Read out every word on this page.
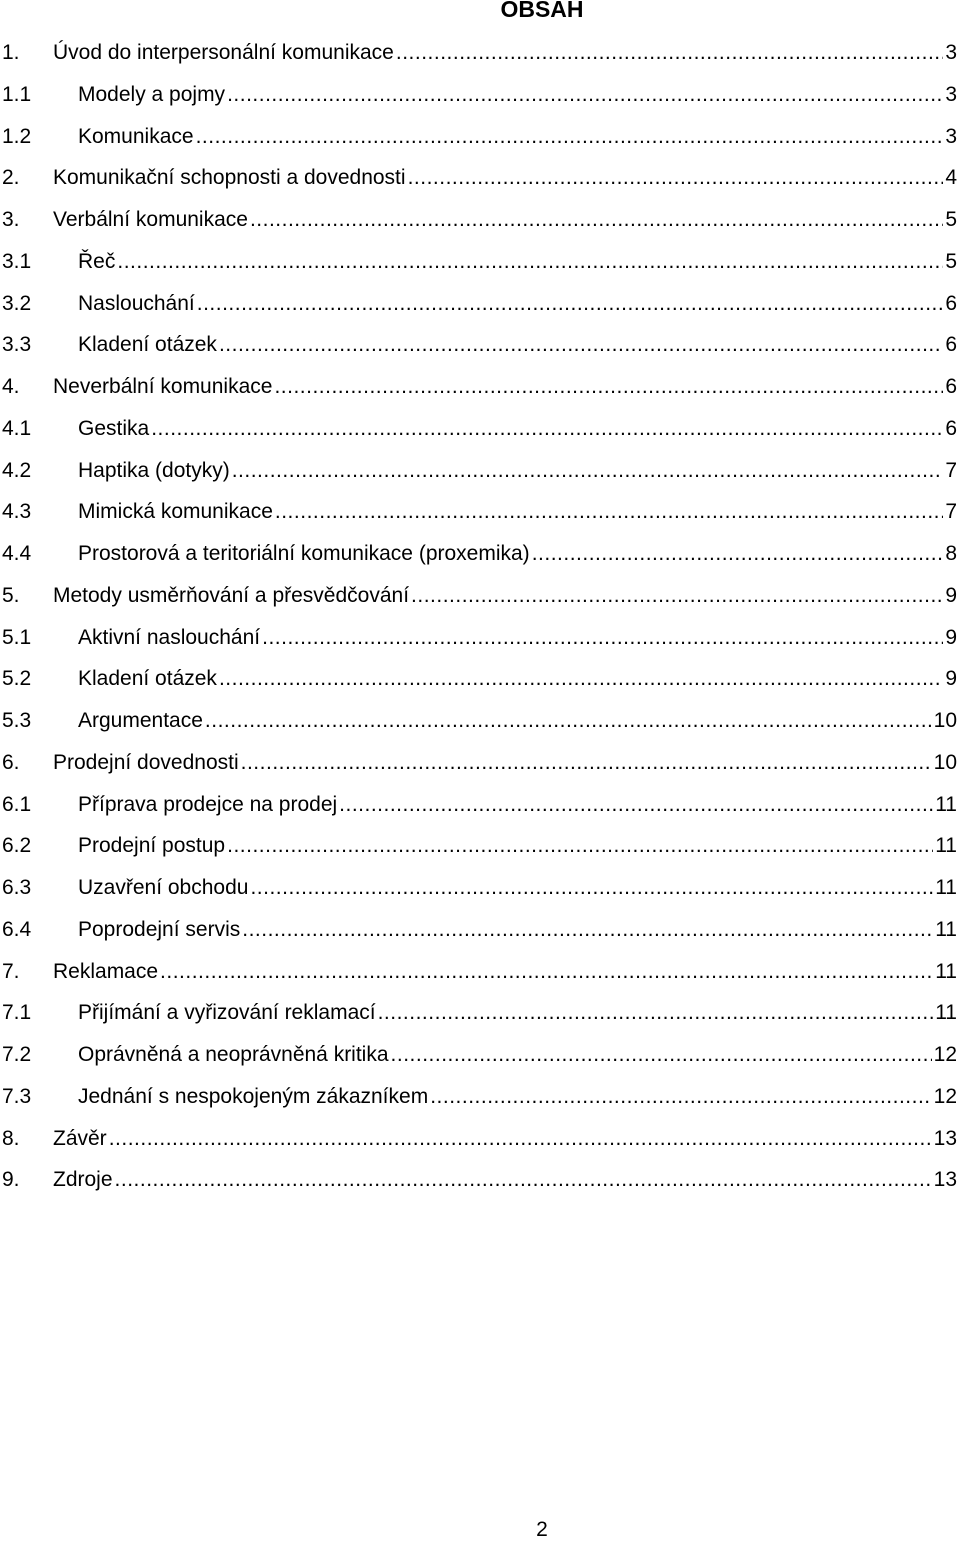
OBSAH
1.	Úvod do interpersonální komunikace .....	3
1.1	Modely a pojmy .....	3
1.2	Komunikace .....	3
2.	Komunikační schopnosti a dovednosti .....	4
3.	Verbální komunikace .....	5
3.1	Řeč .....	5
3.2	Naslouchání .....	6
3.3	Kladení otázek .....	6
4.	Neverbální komunikace .....	6
4.1	Gestika .....	6
4.2	Haptika (dotyky) .....	7
4.3	Mimická komunikace .....	7
4.4	Prostorová a teritoriální komunikace (proxemika) .....	8
5.	Metody usměrňování a přesvědčování .....	9
5.1	Aktivní naslouchání .....	9
5.2	Kladení otázek .....	9
5.3	Argumentace .....	10
6.	Prodejní dovednosti .....	10
6.1	Příprava prodejce na prodej .....	11
6.2	Prodejní postup .....	11
6.3	Uzavření obchodu .....	11
6.4	Poprodejní servis .....	11
7.	Reklamace .....	11
7.1	Přijímání a vyřizování reklamací .....	11
7.2	Oprávněná a neoprávněná kritika .....	12
7.3	Jednání s nespokojeným zákazníkem .....	12
8.	Závěr .....	13
9.	Zdroje .....	13
2
